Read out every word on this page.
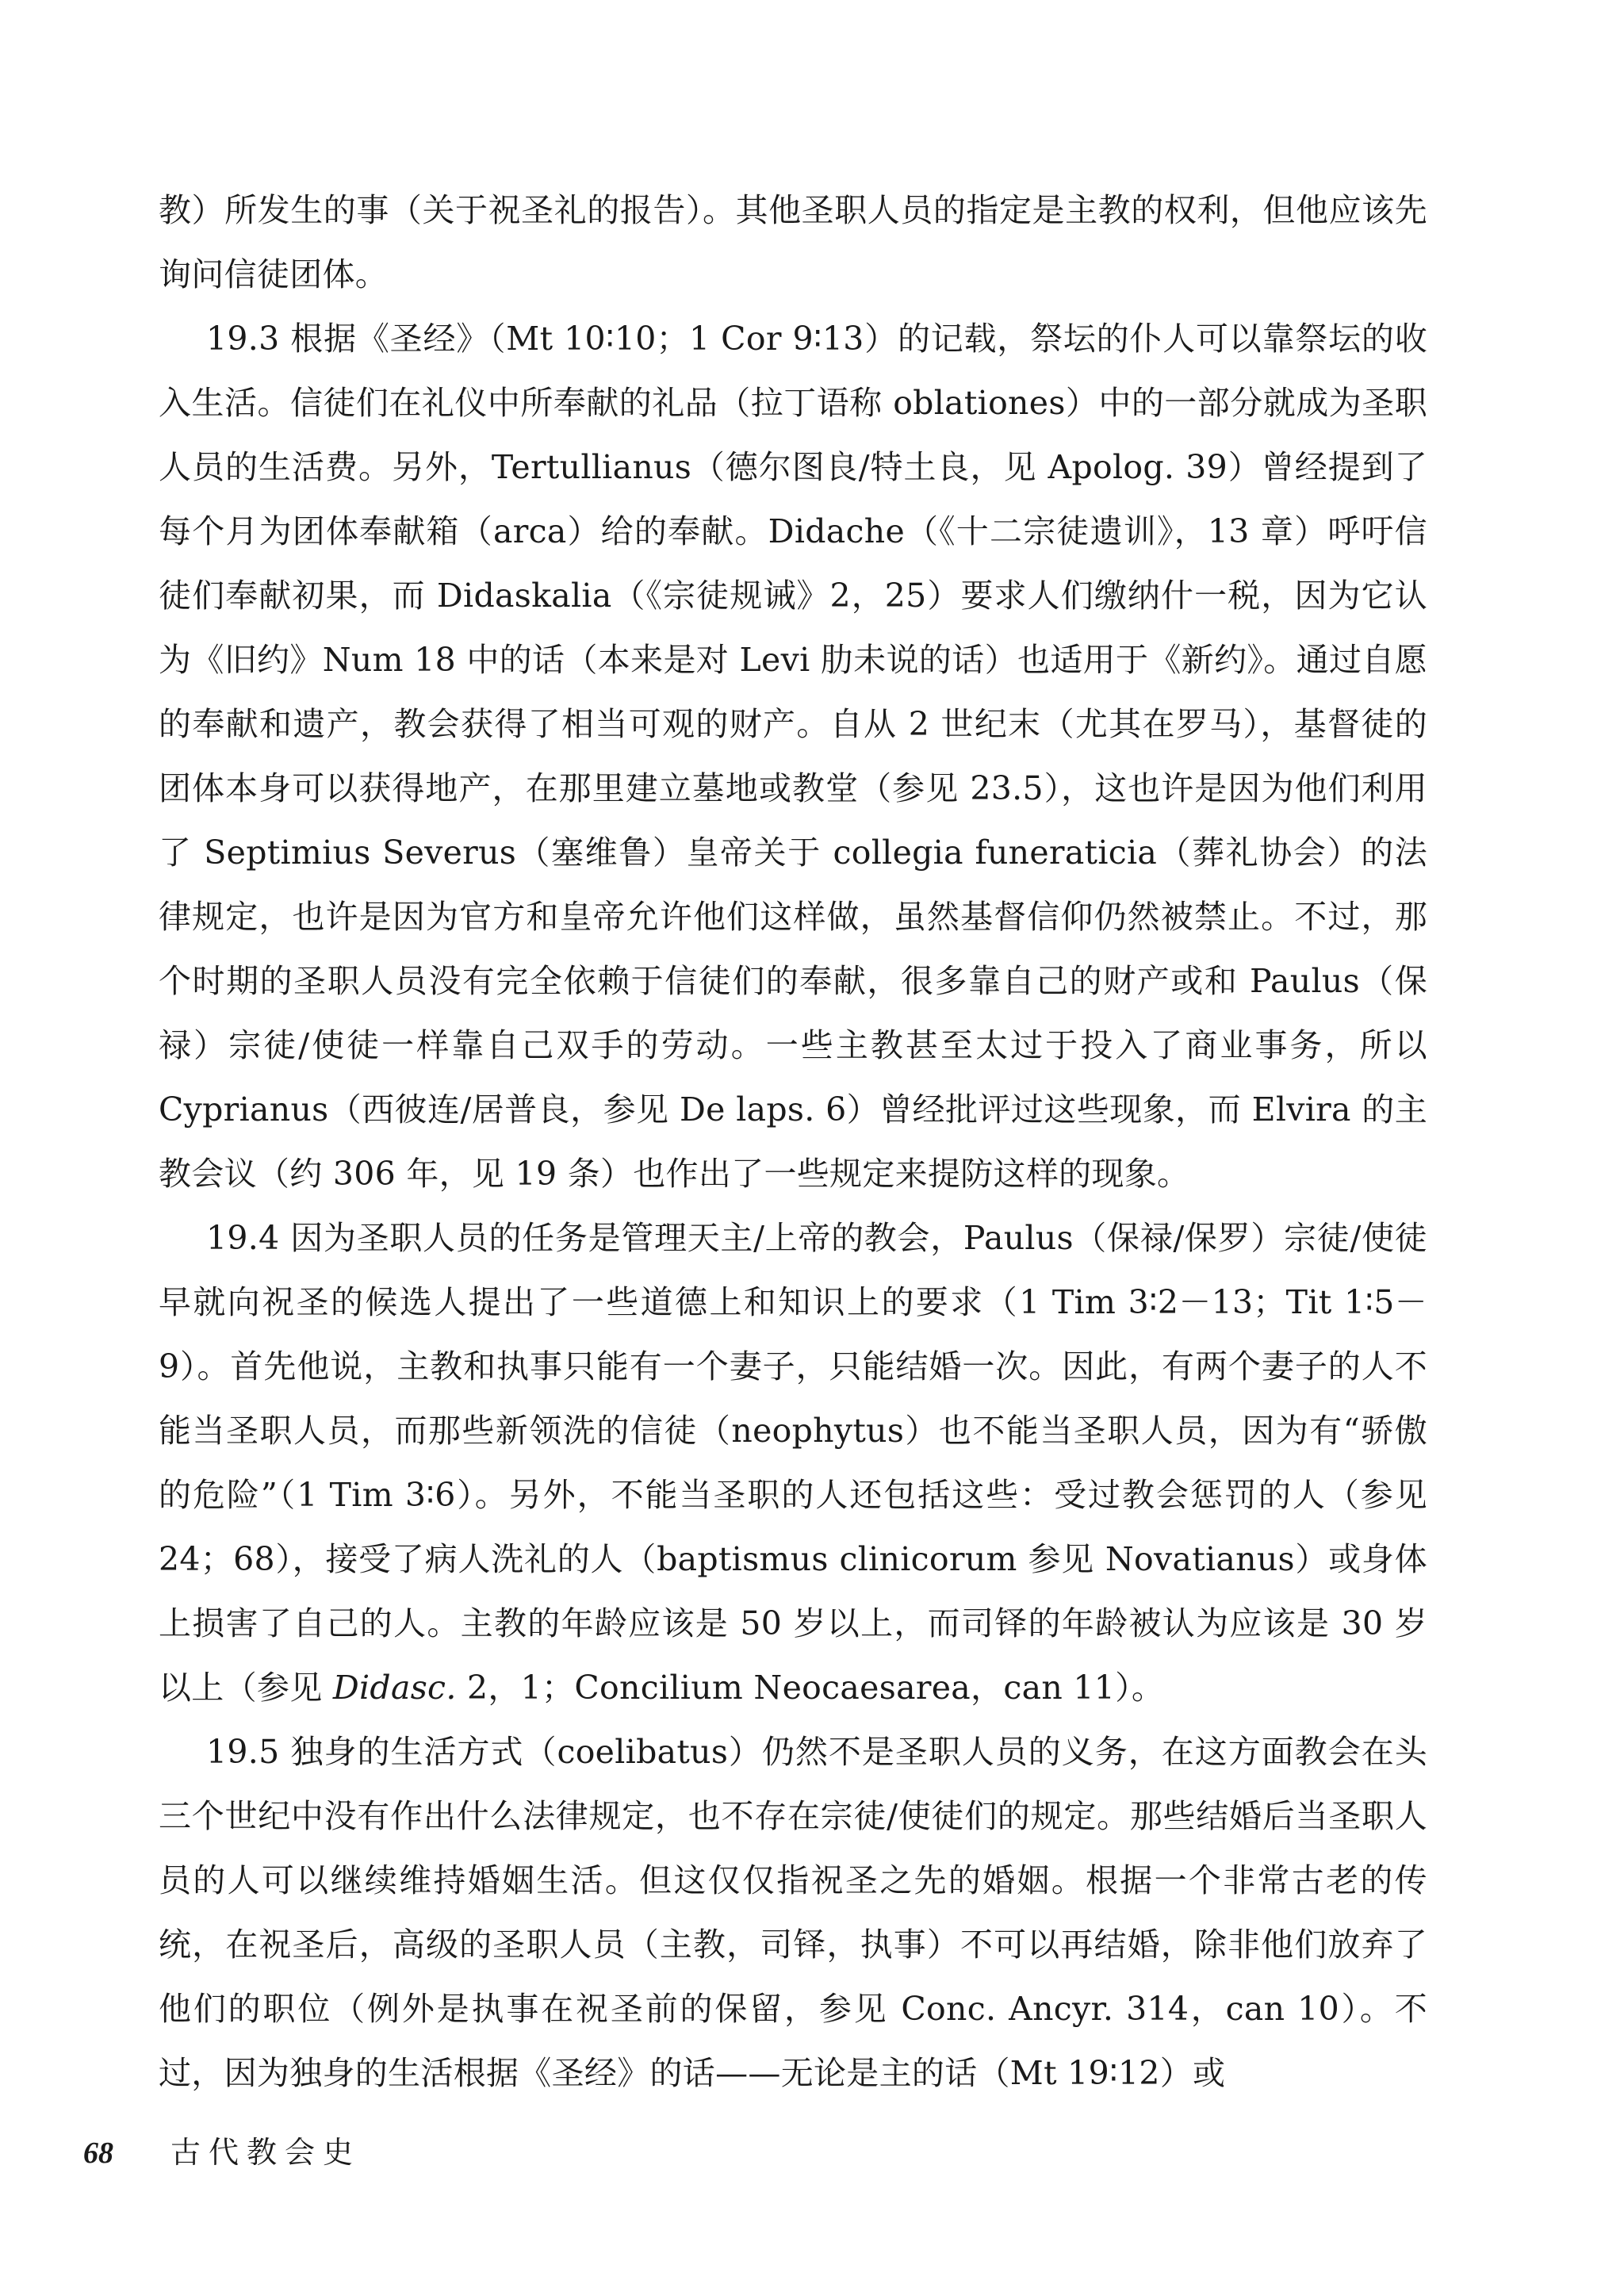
教）所发生的事（关于祝圣礼的报告）。其他圣职人员的指定是主教的权利，但他应该先询问信徒团体。

19.3 根据《圣经》（Mt 10∶10；1 Cor 9∶13）的记载，祭坛的仆人可以靠祭坛的收入生活。信徒们在礼仪中所奉献的礼品（拉丁语称 oblationes）中的一部分就成为圣职人员的生活费。另外，Tertullianus（德尔图良/特土良，见 Apolog. 39）曾经提到了每个月为团体奉献箱（arca）给的奉献。Didache（《十二宗徒遗训》，13 章）呼吁信徒们奉献初果，而 Didaskalia（《宗徒规诫》2，25）要求人们缴纳什一税，因为它认为《旧约》Num 18 中的话（本来是对 Levi 肋未说的话）也适用于《新约》。通过自愿的奉献和遗产，教会获得了相当可观的财产。自从 2 世纪末（尤其在罗马），基督徒的团体本身可以获得地产，在那里建立墓地或教堂（参见 23.5），这也许是因为他们利用了 Septimius Severus（塞维鲁）皇帝关于 collegia funeraticia（葬礼协会）的法律规定，也许是因为官方和皇帝允许他们这样做，虽然基督信仰仍然被禁止。不过，那个时期的圣职人员没有完全依赖于信徒们的奉献，很多靠自己的财产或和 Paulus（保禄）宗徒/使徒一样靠自己双手的劳动。一些主教甚至太过于投入了商业事务，所以 Cyprianus（西彼连/居普良，参见 De laps. 6）曾经批评过这些现象，而 Elvira 的主教会议（约 306 年，见 19 条）也作出了一些规定来提防这样的现象。

19.4 因为圣职人员的任务是管理天主/上帝的教会，Paulus（保禄/保罗）宗徒/使徒早就向祝圣的候选人提出了一些道德上和知识上的要求（1 Tim 3∶2－13；Tit 1∶5－9）。首先他说，主教和执事只能有一个妻子，只能结婚一次。因此，有两个妻子的人不能当圣职人员，而那些新领洗的信徒（neophytus）也不能当圣职人员，因为有“骄傲的危险”（1 Tim 3∶6）。另外，不能当圣职的人还包括这些：受过教会惩罚的人（参见 24；68），接受了病人洗礼的人（baptismus clinicorum 参见 Novatianus）或身体上损害了自己的人。主教的年龄应该是 50 岁以上，而司铎的年龄被认为应该是 30 岁以上（参见 Didasc. 2，1；Concilium Neocaesarea，can 11）。

19.5 独身的生活方式（coelibatus）仍然不是圣职人员的义务，在这方面教会在头三个世纪中没有作出什么法律规定，也不存在宗徒/使徒们的规定。那些结婚后当圣职人员的人可以继续维持婚姻生活。但这仅仅指祝圣之先的婚姻。根据一个非常古老的传统，在祝圣后，高级的圣职人员（主教，司铎，执事）不可以再结婚，除非他们放弃了他们的职位（例外是执事在祝圣前的保留，参见 Conc. Ancyr. 314，can 10）。不过，因为独身的生活根据《圣经》的话——无论是主的话（Mt 19∶12）或

68 古代教会史
